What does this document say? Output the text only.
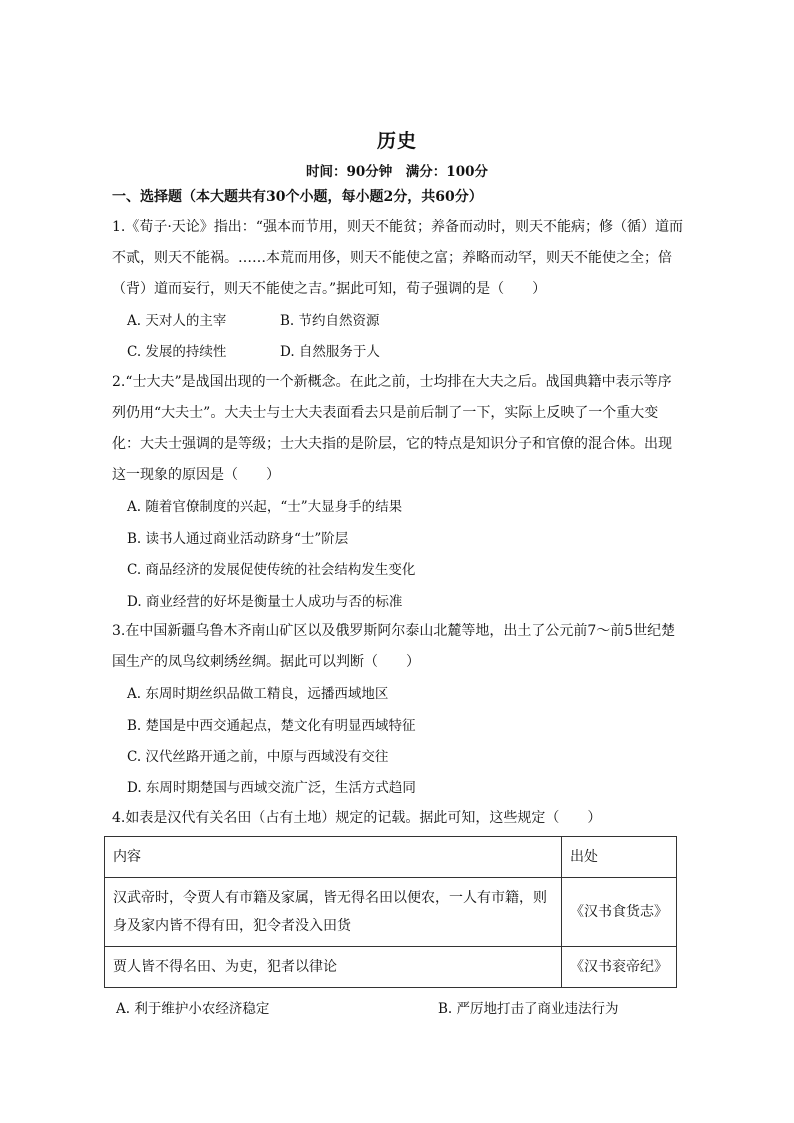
历史
时间：90分钟　满分：100分
一、选择题（本大题共有30个小题，每小题2分，共60分）
1.《荀子·天论》指出：“强本而节用，则天不能贫；养备而动时，则天不能病；修（循）道而不贰，则天不能祸。……本荒而用侈，则天不能使之富；养略而动罕，则天不能使之全；倍（背）道而妄行，则天不能使之吉。”据此可知，荀子强调的是（　　）
A. 天对人的主宰	B. 节约自然资源
C. 发展的持续性	D. 自然服务于人
2.“士大夫”是战国出现的一个新概念。在此之前，士均排在大夫之后。战国典籍中表示等序列仍用“大夫士”。大夫士与士大夫表面看去只是前后制了一下，实际上反映了一个重大变化：大夫士强调的是等级；士大夫指的是阶层，它的特点是知识分子和官僚的混合体。出现这一现象的原因是（　　）
A. 随着官僚制度的兴起，“士”大显身手的结果
B. 读书人通过商业活动跻身“士”阶层
C. 商品经济的发展促使传统的社会结构发生变化
D. 商业经营的好坏是衡量士人成功与否的标准
3.在中国新疆乌鲁木齐南山矿区以及俄罗斯阿尔泰山北麓等地，出土了公元前7～前5世纪楚国生产的凤鸟纹刺绣丝绸。据此可以判断（　　）
A. 东周时期丝织品做工精良，远播西域地区
B. 楚国是中西交通起点，楚文化有明显西域特征
C. 汉代丝路开通之前，中原与西域没有交往
D. 东周时期楚国与西域交流广泛，生活方式趋同
4.如表是汉代有关名田（占有土地）规定的记载。据此可知，这些规定（　　）
内容	出处
汉武帝时，令贾人有市籍及家属，皆无得名田以便农，一人有市籍，则身及家内皆不得有田，犯令者没入田货	《汉书食货志》
贾人皆不得名田、为吏，犯者以律论	《汉书衮帝纪》
A. 利于维护小农经济稳定	B. 严厉地打击了商业违法行为
